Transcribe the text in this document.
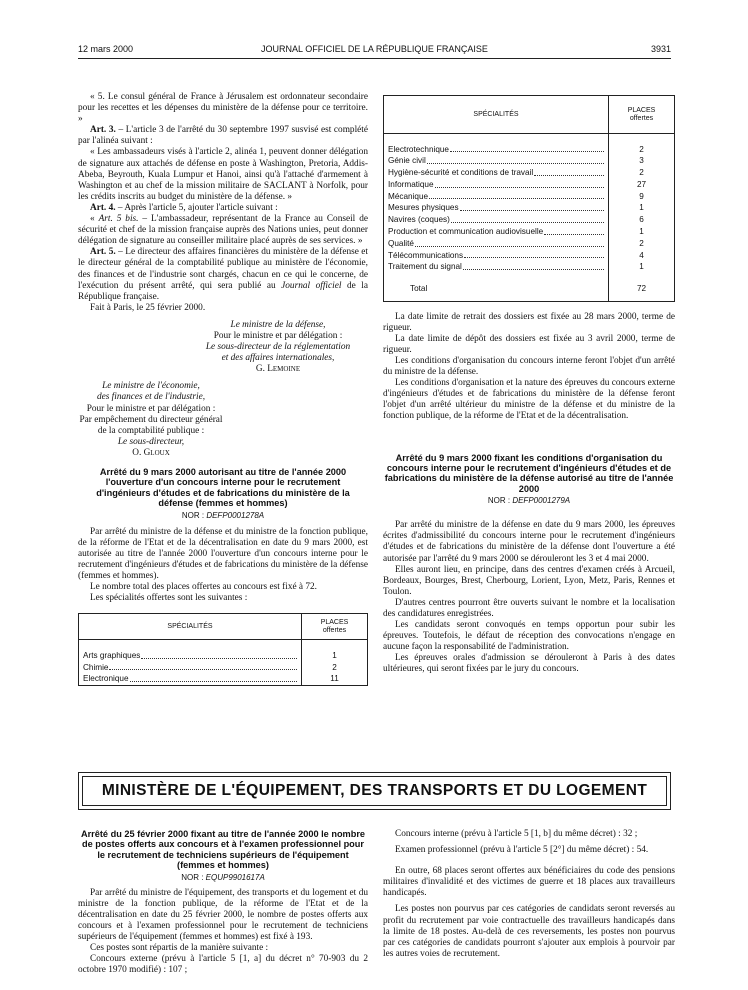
12 mars 2000	JOURNAL OFFICIEL DE LA RÉPUBLIQUE FRANÇAISE	3931

« 5. Le consul général de France à Jérusalem est ordonnateur secondaire pour les recettes et les dépenses du ministère de la défense pour ce territoire. »

Art. 3. – L'article 3 de l'arrêté du 30 septembre 1997 susvisé est complété par l'alinéa suivant :

« Les ambassadeurs visés à l'article 2, alinéa 1, peuvent donner délégation de signature aux attachés de défense en poste à Washington, Pretoria, Addis-Abeba, Beyrouth, Kuala Lumpur et Hanoi, ainsi qu'à l'attaché d'armement à Washington et au chef de la mission militaire de SACLANT à Norfolk, pour les crédits inscrits au budget du ministère de la défense. »

Art. 4. – Après l'article 5, ajouter l'article suivant :

« Art. 5 bis. – L'ambassadeur, représentant de la France au Conseil de sécurité et chef de la mission française auprès des Nations unies, peut donner délégation de signature au conseiller militaire placé auprès de ses services. »

Art. 5. – Le directeur des affaires financières du ministère de la défense et le directeur général de la comptabilité publique au ministère de l'économie, des finances et de l'industrie sont chargés, chacun en ce qui le concerne, de l'exécution du présent arrêté, qui sera publié au Journal officiel de la République française.

Fait à Paris, le 25 février 2000.

Le ministre de la défense,

Pour le ministre et par délégation :

Le sous-directeur de la réglementation

et des affaires internationales,

G. Lemoine

Le ministre de l'économie,

des finances et de l'industrie,

Pour le ministre et par délégation :

Par empêchement du directeur général

de la comptabilité publique :

Le sous-directeur,

O. Gloux

Arrêté du 9 mars 2000 autorisant au titre de l'année 2000 l'ouverture d'un concours interne pour le recrutement d'ingénieurs d'études et de fabrications du ministère de la défense (femmes et hommes)

NOR : DEFP0001278A

Par arrêté du ministre de la défense et du ministre de la fonction publique, de la réforme de l'Etat et de la décentralisation en date du 9 mars 2000, est autorisée au titre de l'année 2000 l'ouverture d'un concours interne pour le recrutement d'ingénieurs d'études et de fabrications du ministère de la défense (femmes et hommes).

Le nombre total des places offertes au concours est fixé à 72.

Les spécialités offertes sont les suivantes :

SPÉCIALITÉS	PLACES
offertes

Arts graphiques	1

Chimie	2

Electronique	11
SPÉCIALITÉS	PLACES
offertes

Electrotechnique	2

Génie civil	3

Hygiène-sécurité et conditions de travail	2

Informatique	27

Mécanique	9

Mesures physiques	1

Navires (coques)	6

Production et communication audiovisuelle	1

Qualité	2

Télécommunications	4

Traitement du signal	1

Total	72

La date limite de retrait des dossiers est fixée au 28 mars 2000, terme de rigueur.

La date limite de dépôt des dossiers est fixée au 3 avril 2000, terme de rigueur.

Les conditions d'organisation du concours interne feront l'objet d'un arrêté du ministre de la défense.

Les conditions d'organisation et la nature des épreuves du concours externe d'ingénieurs d'études et de fabrications du ministère de la défense feront l'objet d'un arrêté ultérieur du ministre de la défense et du ministre de la fonction publique, de la réforme de l'Etat et de la décentralisation.

Arrêté du 9 mars 2000 fixant les conditions d'organisation du concours interne pour le recrutement d'ingénieurs d'études et de fabrications du ministère de la défense autorisé au titre de l'année 2000

NOR : DEFP0001279A

Par arrêté du ministre de la défense en date du 9 mars 2000, les épreuves écrites d'admissibilité du concours interne pour le recrutement d'ingénieurs d'études et de fabrications du ministère de la défense dont l'ouverture a été autorisée par l'arrêté du 9 mars 2000 se dérouleront les 3 et 4 mai 2000.

Elles auront lieu, en principe, dans des centres d'examen créés à Arcueil, Bordeaux, Bourges, Brest, Cherbourg, Lorient, Lyon, Metz, Paris, Rennes et Toulon.

D'autres centres pourront être ouverts suivant le nombre et la localisation des candidatures enregistrées.

Les candidats seront convoqués en temps opportun pour subir les épreuves. Toutefois, le défaut de réception des convocations n'engage en aucune façon la responsabilité de l'administration.

Les épreuves orales d'admission se dérouleront à Paris à des dates ultérieures, qui seront fixées par le jury du concours.

MINISTÈRE DE L'ÉQUIPEMENT, DES TRANSPORTS ET DU LOGEMENT

Arrêté du 25 février 2000 fixant au titre de l'année 2000 le nombre de postes offerts aux concours et à l'examen professionnel pour le recrutement de techniciens supérieurs de l'équipement (femmes et hommes)

NOR : EQUP9901617A

Par arrêté du ministre de l'équipement, des transports et du logement et du ministre de la fonction publique, de la réforme de l'Etat et de la décentralisation en date du 25 février 2000, le nombre de postes offerts aux concours et à l'examen professionnel pour le recrutement de techniciens supérieurs de l'équipement (femmes et hommes) est fixé à 193.

Ces postes sont répartis de la manière suivante :

Concours externe (prévu à l'article 5 [1, a] du décret n° 70-903 du 2 octobre 1970 modifié) : 107 ;

Concours interne (prévu à l'article 5 [1, b] du même décret) : 32 ;

Examen professionnel (prévu à l'article 5 [2°] du même décret) : 54.

En outre, 68 places seront offertes aux bénéficiaires du code des pensions militaires d'invalidité et des victimes de guerre et 18 places aux travailleurs handicapés.

Les postes non pourvus par ces catégories de candidats seront reversés au profit du recrutement par voie contractuelle des travailleurs handicapés dans la limite de 18 postes. Au-delà de ces reversements, les postes non pourvus par ces catégories de candidats pourront s'ajouter aux emplois à pourvoir par les autres voies de recrutement.
